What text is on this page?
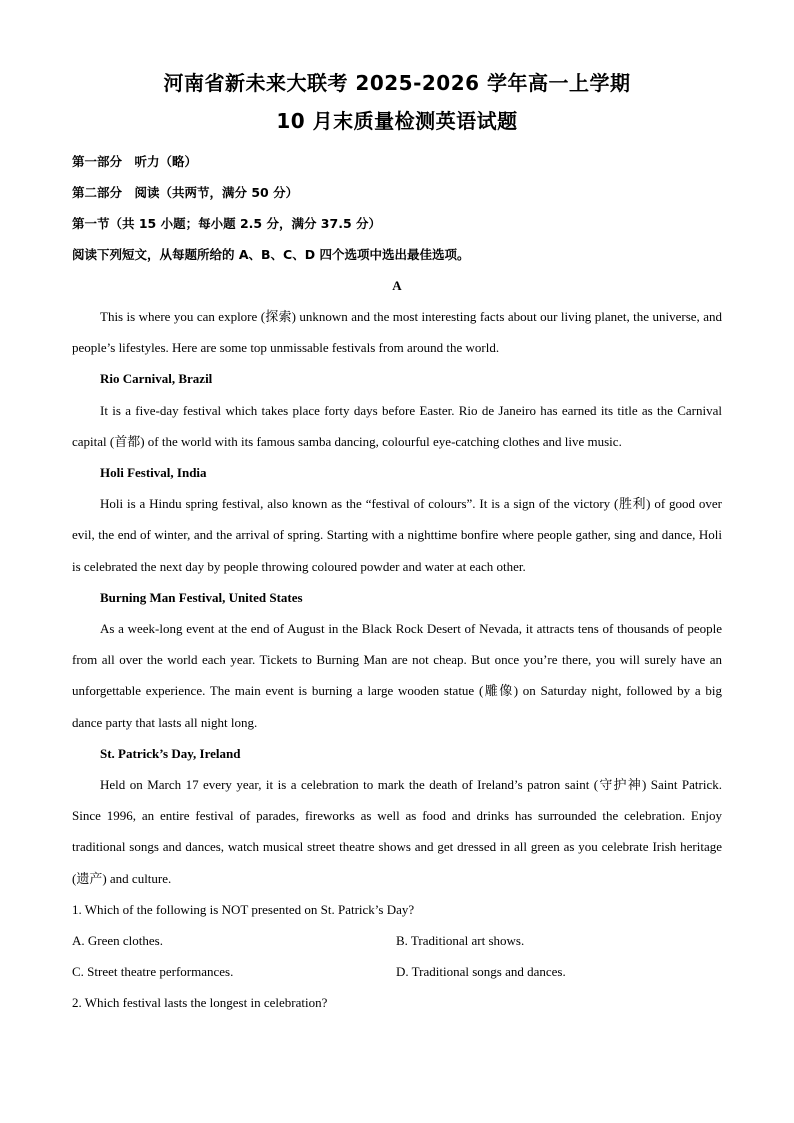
河南省新未来大联考 2025-2026 学年高一上学期
10 月末质量检测英语试题

第一部分　听力（略）

第二部分　阅读（共两节，满分 50 分）

第一节（共 15 小题；每小题 2.5 分，满分 37.5 分）

阅读下列短文，从每题所给的 A、B、C、D 四个选项中选出最佳选项。

A

This is where you can explore (探索) unknown and the most interesting facts about our living planet, the universe, and people’s lifestyles. Here are some top unmissable festivals from around the world.

Rio Carnival, Brazil

It is a five-day festival which takes place forty days before Easter. Rio de Janeiro has earned its title as the Carnival capital (首都) of the world with its famous samba dancing, colourful eye-catching clothes and live music.

Holi Festival, India

Holi is a Hindu spring festival, also known as the “festival of colours”. It is a sign of the victory (胜利) of good over evil, the end of winter, and the arrival of spring. Starting with a nighttime bonfire where people gather, sing and dance, Holi is celebrated the next day by people throwing coloured powder and water at each other.

Burning Man Festival, United States

As a week-long event at the end of August in the Black Rock Desert of Nevada, it attracts tens of thousands of people from all over the world each year. Tickets to Burning Man are not cheap. But once you’re there, you will surely have an unforgettable experience. The main event is burning a large wooden statue (雕像) on Saturday night, followed by a big dance party that lasts all night long.

St. Patrick’s Day, Ireland

Held on March 17 every year, it is a celebration to mark the death of Ireland’s patron saint (守护神) Saint Patrick. Since 1996, an entire festival of parades, fireworks as well as food and drinks has surrounded the celebration. Enjoy traditional songs and dances, watch musical street theatre shows and get dressed in all green as you celebrate Irish heritage (遗产) and culture.

1. Which of the following is NOT presented on St. Patrick’s Day?

A. Green clothes.	B. Traditional art shows.
C. Street theatre performances.	D. Traditional songs and dances.

2. Which festival lasts the longest in celebration?
